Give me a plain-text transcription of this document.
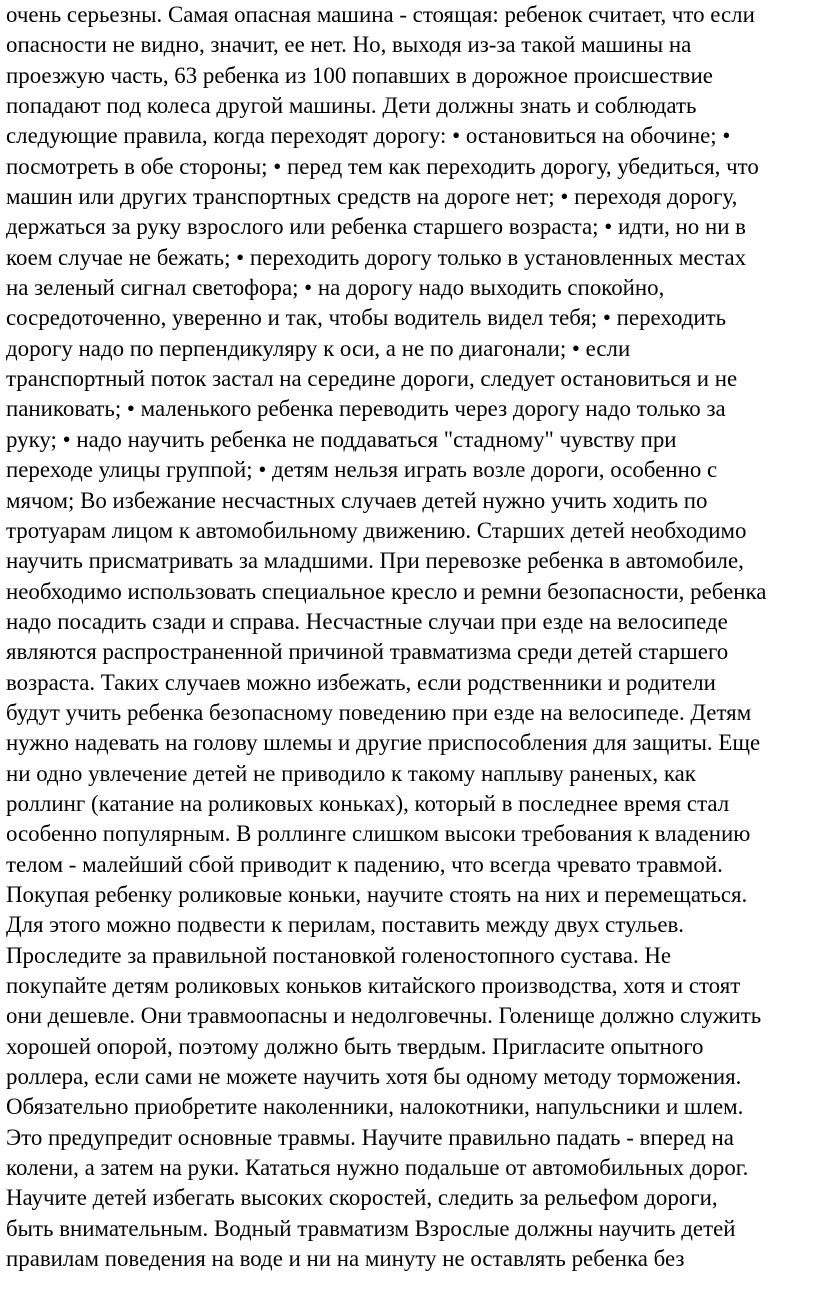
очень серьезны. Самая опасная машина - стоящая: ребенок считает, что если
опасности не видно, значит, ее нет. Но, выходя из-за такой машины на
проезжую часть, 63 ребенка из 100 попавших в дорожное происшествие
попадают под колеса другой машины. Дети должны знать и соблюдать
следующие правила, когда переходят дорогу: • остановиться на обочине; •
посмотреть в обе стороны; • перед тем как переходить дорогу, убедиться, что
машин или других транспортных средств на дороге нет; • переходя дорогу,
держаться за руку взрослого или ребенка старшего возраста; • идти, но ни в
коем случае не бежать; • переходить дорогу только в установленных местах
на зеленый сигнал светофора; • на дорогу надо выходить спокойно,
сосредоточенно, уверенно и так, чтобы водитель видел тебя; • переходить
дорогу надо по перпендикуляру к оси, а не по диагонали; • если
транспортный поток застал на середине дороги, следует остановиться и не
паниковать; • маленького ребенка переводить через дорогу надо только за
руку; • надо научить ребенка не поддаваться "стадному" чувству при
переходе улицы группой; • детям нельзя играть возле дороги, особенно с
мячом; Во избежание несчастных случаев детей нужно учить ходить по
тротуарам лицом к автомобильному движению. Старших детей необходимо
научить присматривать за младшими. При перевозке ребенка в автомобиле,
необходимо использовать специальное кресло и ремни безопасности, ребенка
надо посадить сзади и справа. Несчастные случаи при езде на велосипеде
являются распространенной причиной травматизма среди детей старшего
возраста. Таких случаев можно избежать, если родственники и родители
будут учить ребенка безопасному поведению при езде на велосипеде. Детям
нужно надевать на голову шлемы и другие приспособления для защиты. Еще
ни одно увлечение детей не приводило к такому наплыву раненых, как
роллинг (катание на роликовых коньках), который в последнее время стал
особенно популярным. В роллинге слишком высоки требования к владению
телом - малейший сбой приводит к падению, что всегда чревато травмой.
Покупая ребенку роликовые коньки, научите стоять на них и перемещаться.
Для этого можно подвести к перилам, поставить между двух стульев.
Проследите за правильной постановкой голеностопного сустава. Не
покупайте детям роликовых коньков китайского производства, хотя и стоят
они дешевле. Они травмоопасны и недолговечны. Голенище должно служить
хорошей опорой, поэтому должно быть твердым. Пригласите опытного
роллера, если сами не можете научить хотя бы одному методу торможения.
Обязательно приобретите наколенники, налокотники, напульсники и шлем.
Это предупредит основные травмы. Научите правильно падать - вперед на
колени, а затем на руки. Кататься нужно подальше от автомобильных дорог.
Научите детей избегать высоких скоростей, следить за рельефом дороги,
быть внимательным. Водный травматизм Взрослые должны научить детей
правилам поведения на воде и ни на минуту не оставлять ребенка без
